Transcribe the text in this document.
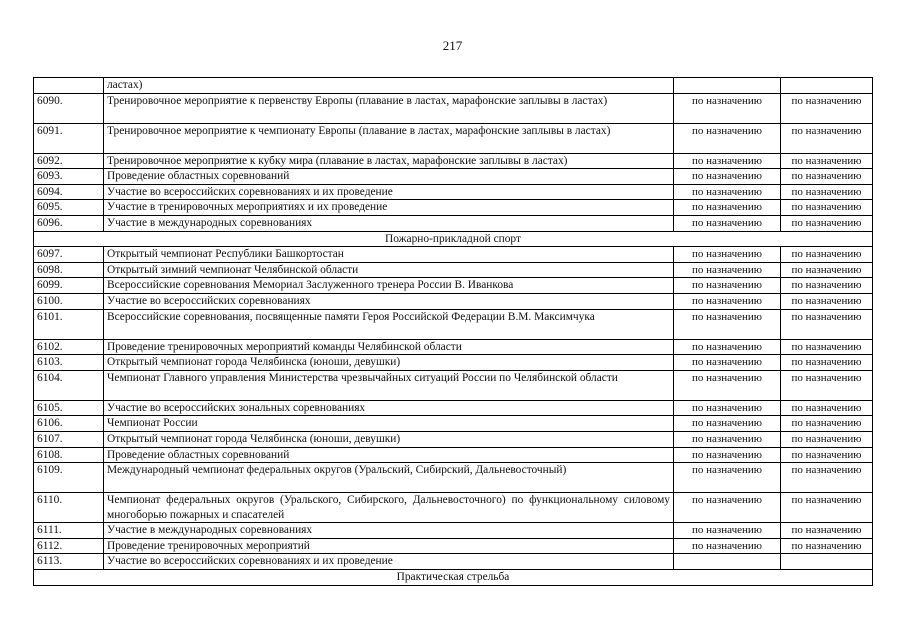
217
	ластах)		
6090.	Тренировочное мероприятие к первенству Европы (плавание в ластах, марафонские заплывы в ластах)	по назначению	по назначению
6091.	Тренировочное мероприятие к чемпионату Европы (плавание в ластах, марафонские заплывы в ластах)	по назначению	по назначению
6092.	Тренировочное мероприятие к кубку мира (плавание в ластах, марафонские заплывы в ластах)	по назначению	по назначению
6093.	Проведение областных соревнований	по назначению	по назначению
6094.	Участие во всероссийских соревнованиях и их проведение	по назначению	по назначению
6095.	Участие в тренировочных мероприятиях и их проведение	по назначению	по назначению
6096.	Участие в международных соревнованиях	по назначению	по назначению
Пожарно-прикладной спорт			
6097.	Открытый чемпионат Республики Башкортостан	по назначению	по назначению
6098.	Открытый зимний чемпионат Челябинской области	по назначению	по назначению
6099.	Всероссийские соревнования Мемориал Заслуженного тренера России В. Иванкова	по назначению	по назначению
6100.	Участие во всероссийских соревнованиях	по назначению	по назначению
6101.	Всероссийские соревнования, посвященные памяти Героя Российской Федерации В.М. Максимчука	по назначению	по назначению
6102.	Проведение тренировочных мероприятий команды Челябинской области	по назначению	по назначению
6103.	Открытый чемпионат города Челябинска (юноши, девушки)	по назначению	по назначению
6104.	Чемпионат Главного управления Министерства чрезвычайных ситуаций России по Челябинской области	по назначению	по назначению
6105.	Участие во всероссийских зональных соревнованиях	по назначению	по назначению
6106.	Чемпионат России	по назначению	по назначению
6107.	Открытый чемпионат города Челябинска (юноши, девушки)	по назначению	по назначению
6108.	Проведение областных соревнований	по назначению	по назначению
6109.	Международный чемпионат федеральных округов (Уральский, Сибирский, Дальневосточный)	по назначению	по назначению
6110.	Чемпионат федеральных округов (Уральского, Сибирского, Дальневосточного) по функциональному силовому многоборью пожарных и спасателей	по назначению	по назначению
6111.	Участие в международных соревнованиях	по назначению	по назначению
6112.	Проведение тренировочных мероприятий	по назначению	по назначению
6113.	Участие во всероссийских соревнованиях и их проведение		
Практическая стрельба			
